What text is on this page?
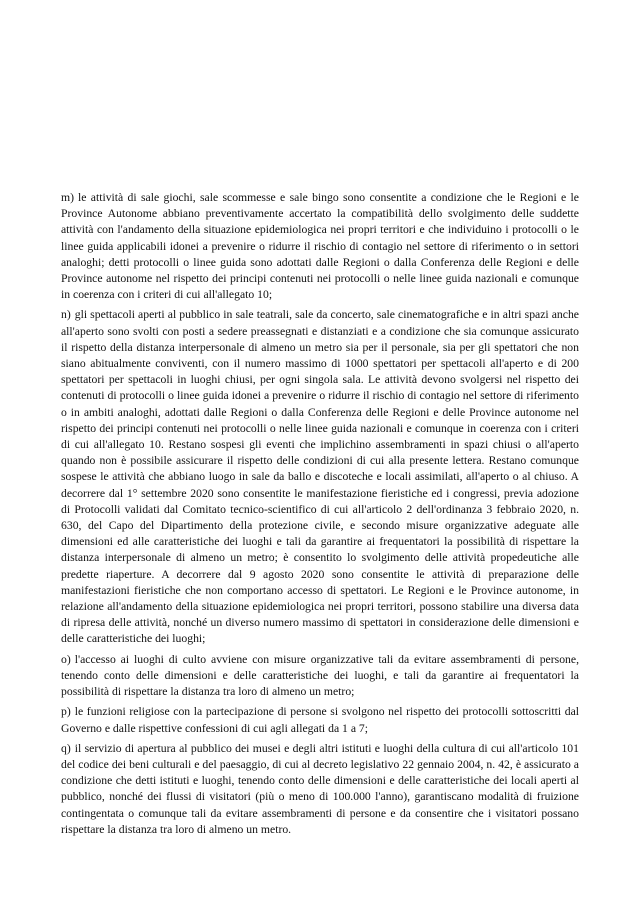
m) le attività di sale giochi, sale scommesse e sale bingo sono consentite a condizione che le Regioni e le Province Autonome abbiano preventivamente accertato la compatibilità dello svolgimento delle suddette attività con l'andamento della situazione epidemiologica nei propri territori e che individuino i protocolli o le linee guida applicabili idonei a prevenire o ridurre il rischio di contagio nel settore di riferimento o in settori analoghi; detti protocolli o linee guida sono adottati dalle Regioni o dalla Conferenza delle Regioni e delle Province autonome nel rispetto dei principi contenuti nei protocolli o nelle linee guida nazionali e comunque in coerenza con i criteri di cui all'allegato 10;

n) gli spettacoli aperti al pubblico in sale teatrali, sale da concerto, sale cinematografiche e in altri spazi anche all'aperto sono svolti con posti a sedere preassegnati e distanziati e a condizione che sia comunque assicurato il rispetto della distanza interpersonale di almeno un metro sia per il personale, sia per gli spettatori che non siano abitualmente conviventi, con il numero massimo di 1000 spettatori per spettacoli all'aperto e di 200 spettatori per spettacoli in luoghi chiusi, per ogni singola sala. Le attività devono svolgersi nel rispetto dei contenuti di protocolli o linee guida idonei a prevenire o ridurre il rischio di contagio nel settore di riferimento o in ambiti analoghi, adottati dalle Regioni o dalla Conferenza delle Regioni e delle Province autonome nel rispetto dei principi contenuti nei protocolli o nelle linee guida nazionali e comunque in coerenza con i criteri di cui all'allegato 10. Restano sospesi gli eventi che implichino assembramenti in spazi chiusi o all'aperto quando non è possibile assicurare il rispetto delle condizioni di cui alla presente lettera. Restano comunque sospese le attività che abbiano luogo in sale da ballo e discoteche e locali assimilati, all'aperto o al chiuso. A decorrere dal 1° settembre 2020 sono consentite le manifestazione fieristiche ed i congressi, previa adozione di Protocolli validati dal Comitato tecnico-scientifico di cui all'articolo 2 dell'ordinanza 3 febbraio 2020, n. 630, del Capo del Dipartimento della protezione civile, e secondo misure organizzative adeguate alle dimensioni ed alle caratteristiche dei luoghi e tali da garantire ai frequentatori la possibilità di rispettare la distanza interpersonale di almeno un metro; è consentito lo svolgimento delle attività propedeutiche alle predette riaperture. A decorrere dal 9 agosto 2020 sono consentite le attività di preparazione delle manifestazioni fieristiche che non comportano accesso di spettatori. Le Regioni e le Province autonome, in relazione all'andamento della situazione epidemiologica nei propri territori, possono stabilire una diversa data di ripresa delle attività, nonché un diverso numero massimo di spettatori in considerazione delle dimensioni e delle caratteristiche dei luoghi;

o) l'accesso ai luoghi di culto avviene con misure organizzative tali da evitare assembramenti di persone, tenendo conto delle dimensioni e delle caratteristiche dei luoghi, e tali da garantire ai frequentatori la possibilità di rispettare la distanza tra loro di almeno un metro;

p) le funzioni religiose con la partecipazione di persone si svolgono nel rispetto dei protocolli sottoscritti dal Governo e dalle rispettive confessioni di cui agli allegati da 1 a 7;

q) il servizio di apertura al pubblico dei musei e degli altri istituti e luoghi della cultura di cui all'articolo 101 del codice dei beni culturali e del paesaggio, di cui al decreto legislativo 22 gennaio 2004, n. 42, è assicurato a condizione che detti istituti e luoghi, tenendo conto delle dimensioni e delle caratteristiche dei locali aperti al pubblico, nonché dei flussi di visitatori (più o meno di 100.000 l'anno), garantiscano modalità di fruizione contingentata o comunque tali da evitare assembramenti di persone e da consentire che i visitatori possano rispettare la distanza tra loro di almeno un metro.
